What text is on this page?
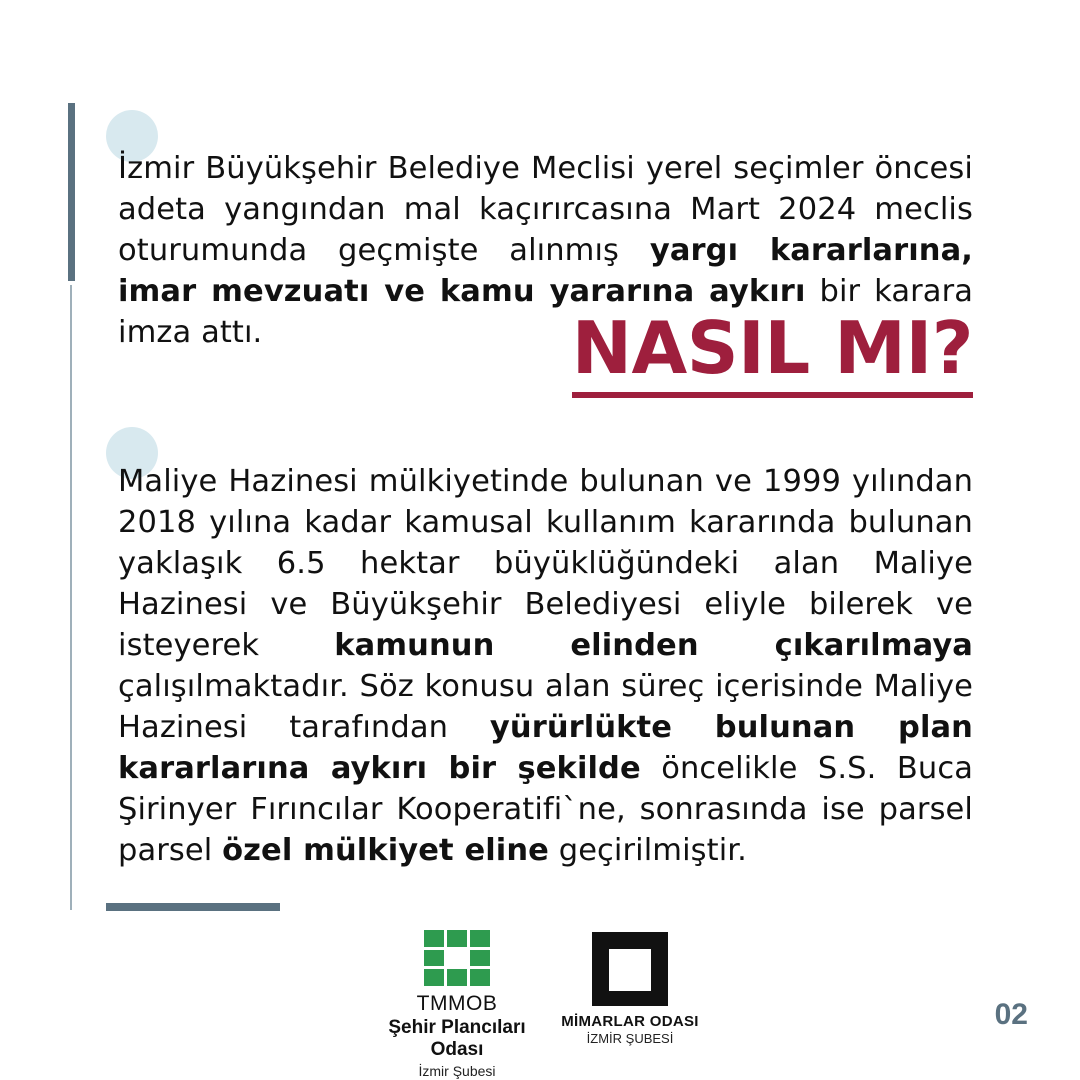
İzmir Büyükşehir Belediye Meclisi yerel seçimler öncesi adeta yangından mal kaçırırcasına Mart 2024 meclis oturumunda geçmişte alınmış yargı kararlarına, imar mevzuatı ve kamu yararına aykırı bir karara imza attı.	NASIL MI?

Maliye Hazinesi mülkiyetinde bulunan ve 1999 yılından 2018 yılına kadar kamusal kullanım kararında bulunan yaklaşık 6.5 hektar büyüklüğündeki alan Maliye Hazinesi ve Büyükşehir Belediyesi eliyle bilerek ve isteyerek kamunun elinden çıkarılmaya çalışılmaktadır. Söz konusu alan süreç içerisinde Maliye Hazinesi tarafından yürürlükte bulunan plan kararlarına aykırı bir şekilde öncelikle S.S. Buca Şirinyer Fırıncılar Kooperatifi`ne, sonrasında ise parsel parsel özel mülkiyet eline geçirilmiştir.

TMMOB
Şehir Plancıları Odası
İzmir Şubesi
MİMARLAR ODASI
İZMİR ŞUBESİ
02
